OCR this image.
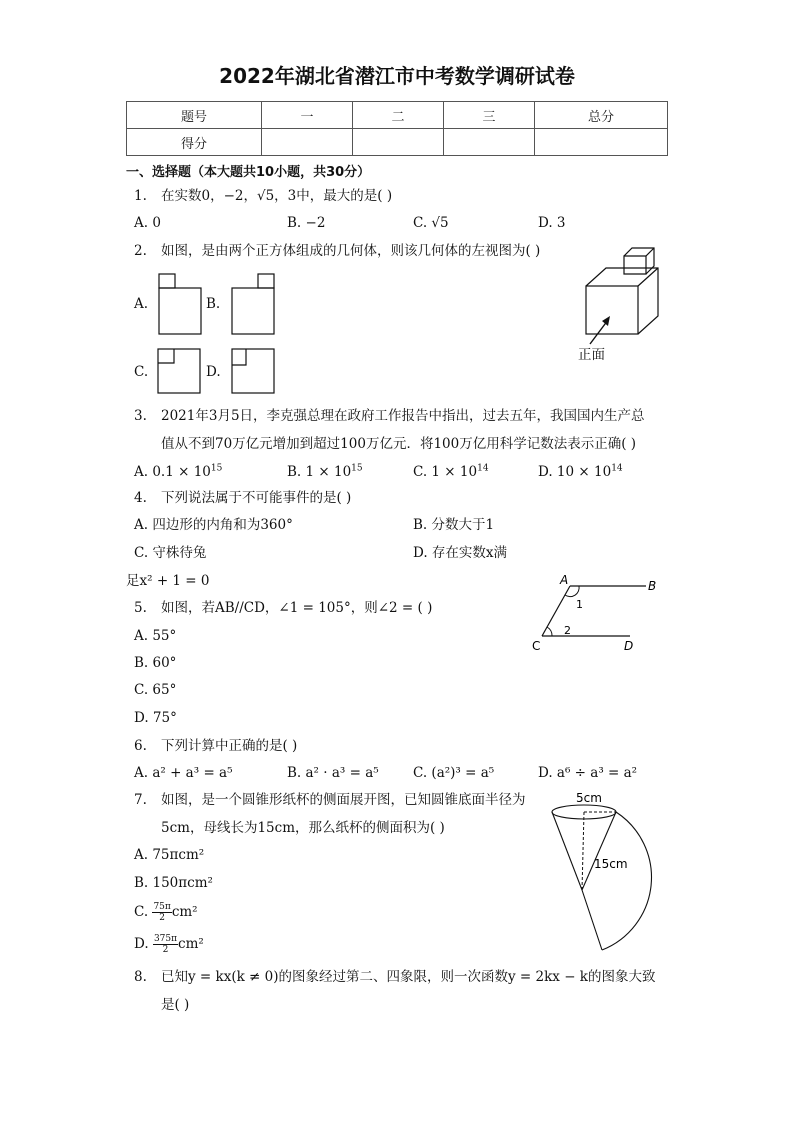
2022年湖北省潜江市中考数学调研试卷
题号	一	二	三	总分
得分				
一、选择题（本大题共10小题，共30分）
1. 在实数0，−2，√5，3中，最大的是( )
A. 0	B. −2	C. √5	D. 3
2. 如图，是由两个正方体组成的几何体，则该几何体的左视图为( )
A.	B.
C.	D.
正面
3. 2021年3月5日，李克强总理在政府工作报告中指出，过去五年，我国国内生产总
值从不到70万亿元增加到超过100万亿元．将100万亿用科学记数法表示正确( )
A. $0.1 \times 10^{15}$	B. $1 \times 10^{15}$	C. $1 \times 10^{14}$	D. $10 \times 10^{14}$
4. 下列说法属于不可能事件的是( )
A. 四边形的内角和为360°	B. 分数大于1
C. 守株待兔	D. 存在实数x满
足x² + 1 = 0
5. 如图，若AB//CD，∠1 = 105°，则∠2 = ( )
A. 55°
B. 60°
C. 65°
D. 75°
A	B
C	D
1
2
6. 下列计算中正确的是( )
A. a² + a³ = a⁵	B. a² · a³ = a⁵	C. (a²)³ = a⁵	D. a⁶ ÷ a³ = a²
7. 如图，是一个圆锥形纸杯的侧面展开图，已知圆锥底面半径为
5cm，母线长为15cm，那么纸杯的侧面积为( )
A. 75πcm²
B. 150πcm²
C. $\frac{75\pi}{2} cm^2$
D. $\frac{375\pi}{2} cm^2$
5cm
15cm
8. 已知y = kx(k ≠ 0)的图象经过第二、四象限，则一次函数y = 2kx − k的图象大致
是( )
